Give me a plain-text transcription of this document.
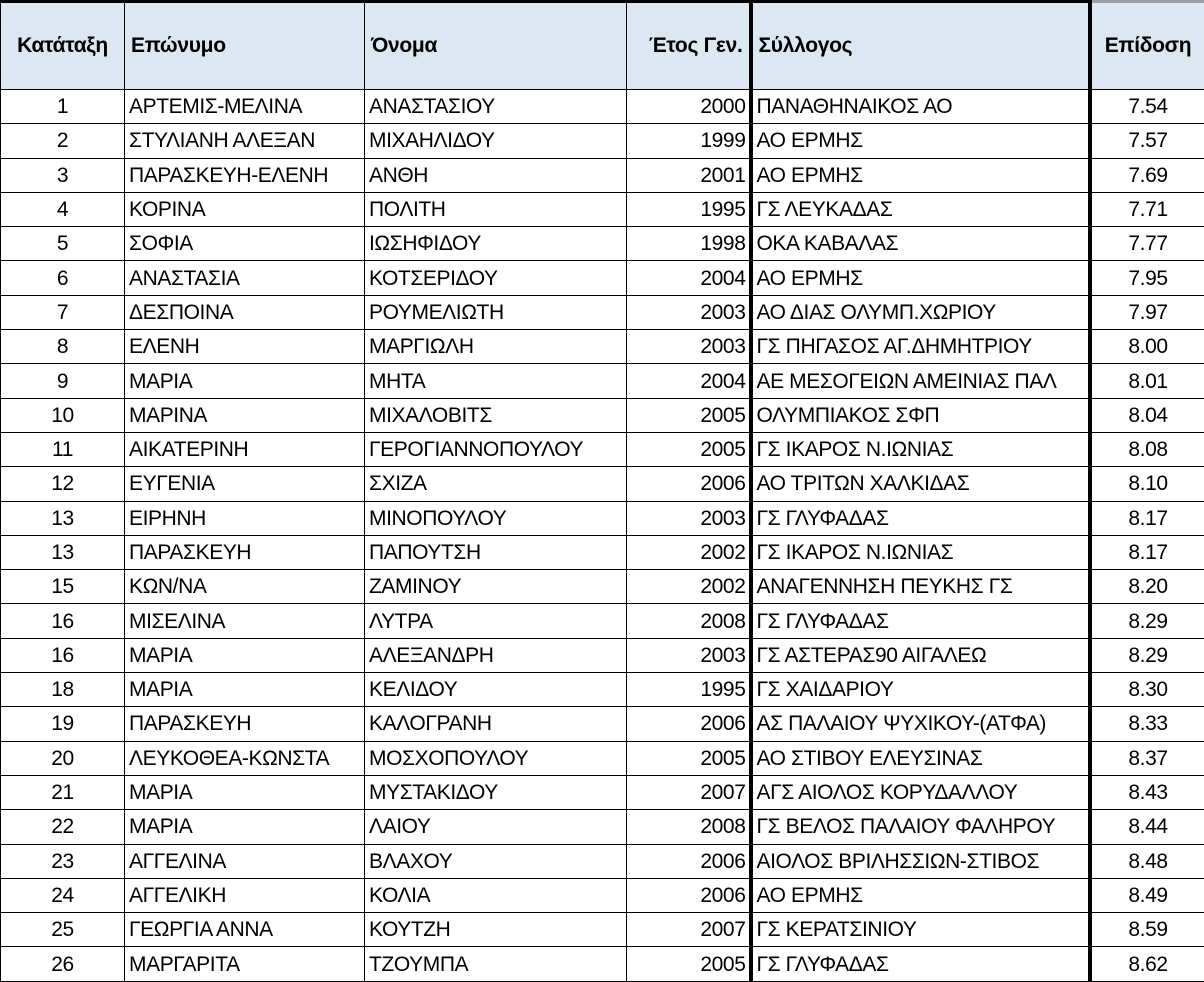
Κατάταξη	Επώνυμο	Όνομα	Έτος Γεν.	Σύλλογος	Επίδοση
1	ΑΡΤΕΜΙΣ-ΜΕΛΙΝΑ	ΑΝΑΣΤΑΣΙΟΥ	2000	ΠΑΝΑΘΗΝΑΙΚΟΣ ΑΟ	7.54
2	ΣΤΥΛΙΑΝΗ ΑΛΕΞΑΝ	ΜΙΧΑΗΛΙΔΟΥ	1999	ΑΟ ΕΡΜΗΣ	7.57
3	ΠΑΡΑΣΚΕΥΗ-ΕΛΕΝΗ	ΑΝΘΗ	2001	ΑΟ ΕΡΜΗΣ	7.69
4	ΚΟΡΙΝΑ	ΠΟΛΙΤΗ	1995	ΓΣ ΛΕΥΚΑΔΑΣ	7.71
5	ΣΟΦΙΑ	ΙΩΣΗΦΙΔΟΥ	1998	ΟΚΑ ΚΑΒΑΛΑΣ	7.77
6	ΑΝΑΣΤΑΣΙΑ	ΚΟΤΣΕΡΙΔΟΥ	2004	ΑΟ ΕΡΜΗΣ	7.95
7	ΔΕΣΠΟΙΝΑ	ΡΟΥΜΕΛΙΩΤΗ	2003	ΑΟ ΔΙΑΣ ΟΛΥΜΠ.ΧΩΡΙΟΥ	7.97
8	ΕΛΕΝΗ	ΜΑΡΓΙΩΛΗ	2003	ΓΣ ΠΗΓΑΣΟΣ ΑΓ.ΔΗΜΗΤΡΙΟΥ	8.00
9	ΜΑΡΙΑ	ΜΗΤΑ	2004	ΑΕ ΜΕΣΟΓΕΙΩΝ ΑΜΕΙΝΙΑΣ ΠΑΛ	8.01
10	ΜΑΡΙΝΑ	ΜΙΧΑΛΟΒΙΤΣ	2005	ΟΛΥΜΠΙΑΚΟΣ ΣΦΠ	8.04
11	ΑΙΚΑΤΕΡΙΝΗ	ΓΕΡΟΓΙΑΝΝΟΠΟΥΛΟΥ	2005	ΓΣ ΙΚΑΡΟΣ Ν.ΙΩΝΙΑΣ	8.08
12	ΕΥΓΕΝΙΑ	ΣΧΙΖΑ	2006	ΑΟ ΤΡΙΤΩΝ ΧΑΛΚΙΔΑΣ	8.10
13	ΕΙΡΗΝΗ	ΜΙΝΟΠΟΥΛΟΥ	2003	ΓΣ ΓΛΥΦΑΔΑΣ	8.17
13	ΠΑΡΑΣΚΕΥΗ	ΠΑΠΟΥΤΣΗ	2002	ΓΣ ΙΚΑΡΟΣ Ν.ΙΩΝΙΑΣ	8.17
15	ΚΩΝ/ΝΑ	ΖΑΜΙΝΟΥ	2002	ΑΝΑΓΕΝΝΗΣΗ ΠΕΥΚΗΣ ΓΣ	8.20
16	ΜΙΣΕΛΙΝΑ	ΛΥΤΡΑ	2008	ΓΣ ΓΛΥΦΑΔΑΣ	8.29
16	ΜΑΡΙΑ	ΑΛΕΞΑΝΔΡΗ	2003	ΓΣ ΑΣΤΕΡΑΣ90 ΑΙΓΑΛΕΩ	8.29
18	ΜΑΡΙΑ	ΚΕΛΙΔΟΥ	1995	ΓΣ ΧΑΙΔΑΡΙΟΥ	8.30
19	ΠΑΡΑΣΚΕΥΗ	ΚΑΛΟΓΡΑΝΗ	2006	ΑΣ ΠΑΛΑΙΟΥ ΨΥΧΙΚΟΥ-(ΑΤΦΑ)	8.33
20	ΛΕΥΚΟΘΕΑ-ΚΩΝΣΤΑ	ΜΟΣΧΟΠΟΥΛΟΥ	2005	ΑΟ ΣΤΙΒΟΥ ΕΛΕΥΣΙΝΑΣ	8.37
21	ΜΑΡΙΑ	ΜΥΣΤΑΚΙΔΟΥ	2007	ΑΓΣ ΑΙΟΛΟΣ ΚΟΡΥΔΑΛΛΟΥ	8.43
22	ΜΑΡΙΑ	ΛΑΙΟΥ	2008	ΓΣ ΒΕΛΟΣ ΠΑΛΑΙΟΥ ΦΑΛΗΡΟΥ	8.44
23	ΑΓΓΕΛΙΝΑ	ΒΛΑΧΟΥ	2006	ΑΙΟΛΟΣ ΒΡΙΛΗΣΣΙΩΝ-ΣΤΙΒΟΣ	8.48
24	ΑΓΓΕΛΙΚΗ	ΚΟΛΙΑ	2006	ΑΟ ΕΡΜΗΣ	8.49
25	ΓΕΩΡΓΙΑ ΑΝΝΑ	ΚΟΥΤΖΗ	2007	ΓΣ ΚΕΡΑΤΣΙΝΙΟΥ	8.59
26	ΜΑΡΓΑΡΙΤΑ	ΤΖΟΥΜΠΑ	2005	ΓΣ ΓΛΥΦΑΔΑΣ	8.62
